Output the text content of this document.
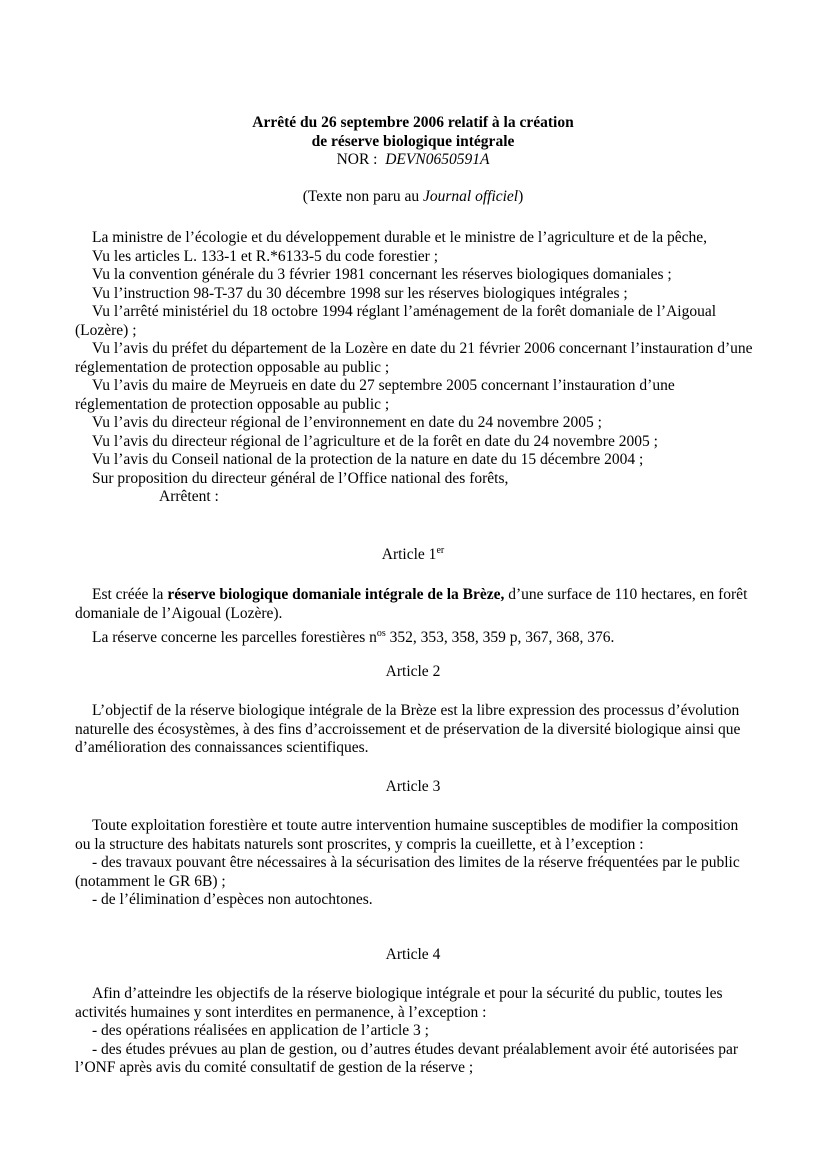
Arrêté du 26 septembre 2006 relatif à la création
de réserve biologique intégrale
NOR : DEVN0650591A
(Texte non paru au Journal officiel)

La ministre de l’écologie et du développement durable et le ministre de l’agriculture et de la pêche,

Vu les articles L. 133-1 et R.*6133-5 du code forestier ;

Vu la convention générale du 3 février 1981 concernant les réserves biologiques domaniales ;

Vu l’instruction 98-T-37 du 30 décembre 1998 sur les réserves biologiques intégrales ;

Vu l’arrêté ministériel du 18 octobre 1994 réglant l’aménagement de la forêt domaniale de l’Aigoual (Lozère) ;

Vu l’avis du préfet du département de la Lozère en date du 21 février 2006 concernant l’instauration d’une réglementation de protection opposable au public ;

Vu l’avis du maire de Meyrueis en date du 27 septembre 2005 concernant l’instauration d’une réglementation de protection opposable au public ;

Vu l’avis du directeur régional de l’environnement en date du 24 novembre 2005 ;

Vu l’avis du directeur régional de l’agriculture et de la forêt en date du 24 novembre 2005 ;

Vu l’avis du Conseil national de la protection de la nature en date du 15 décembre 2004 ;

Sur proposition du directeur général de l’Office national des forêts,

Arrêtent :

Article 1er

Est créée la réserve biologique domaniale intégrale de la Brèze, d’une surface de 110 hectares, en forêt domaniale de l’Aigoual (Lozère).

La réserve concerne les parcelles forestières $n^{os}$ 352, 353, 358, 359 p, 367, 368, 376.

Article 2

L’objectif de la réserve biologique intégrale de la Brèze est la libre expression des processus d’évolution naturelle des écosystèmes, à des fins d’accroissement et de préservation de la diversité biologique ainsi que d’amélioration des connaissances scientifiques.

Article 3

Toute exploitation forestière et toute autre intervention humaine susceptibles de modifier la composition ou la structure des habitats naturels sont proscrites, y compris la cueillette, et à l’exception :

- des travaux pouvant être nécessaires à la sécurisation des limites de la réserve fréquentées par le public (notamment le GR 6B) ;

- de l’élimination d’espèces non autochtones.

Article 4

Afin d’atteindre les objectifs de la réserve biologique intégrale et pour la sécurité du public, toutes les activités humaines y sont interdites en permanence, à l’exception :

- des opérations réalisées en application de l’article 3 ;

- des études prévues au plan de gestion, ou d’autres études devant préalablement avoir été autorisées par l’ONF après avis du comité consultatif de gestion de la réserve ;
